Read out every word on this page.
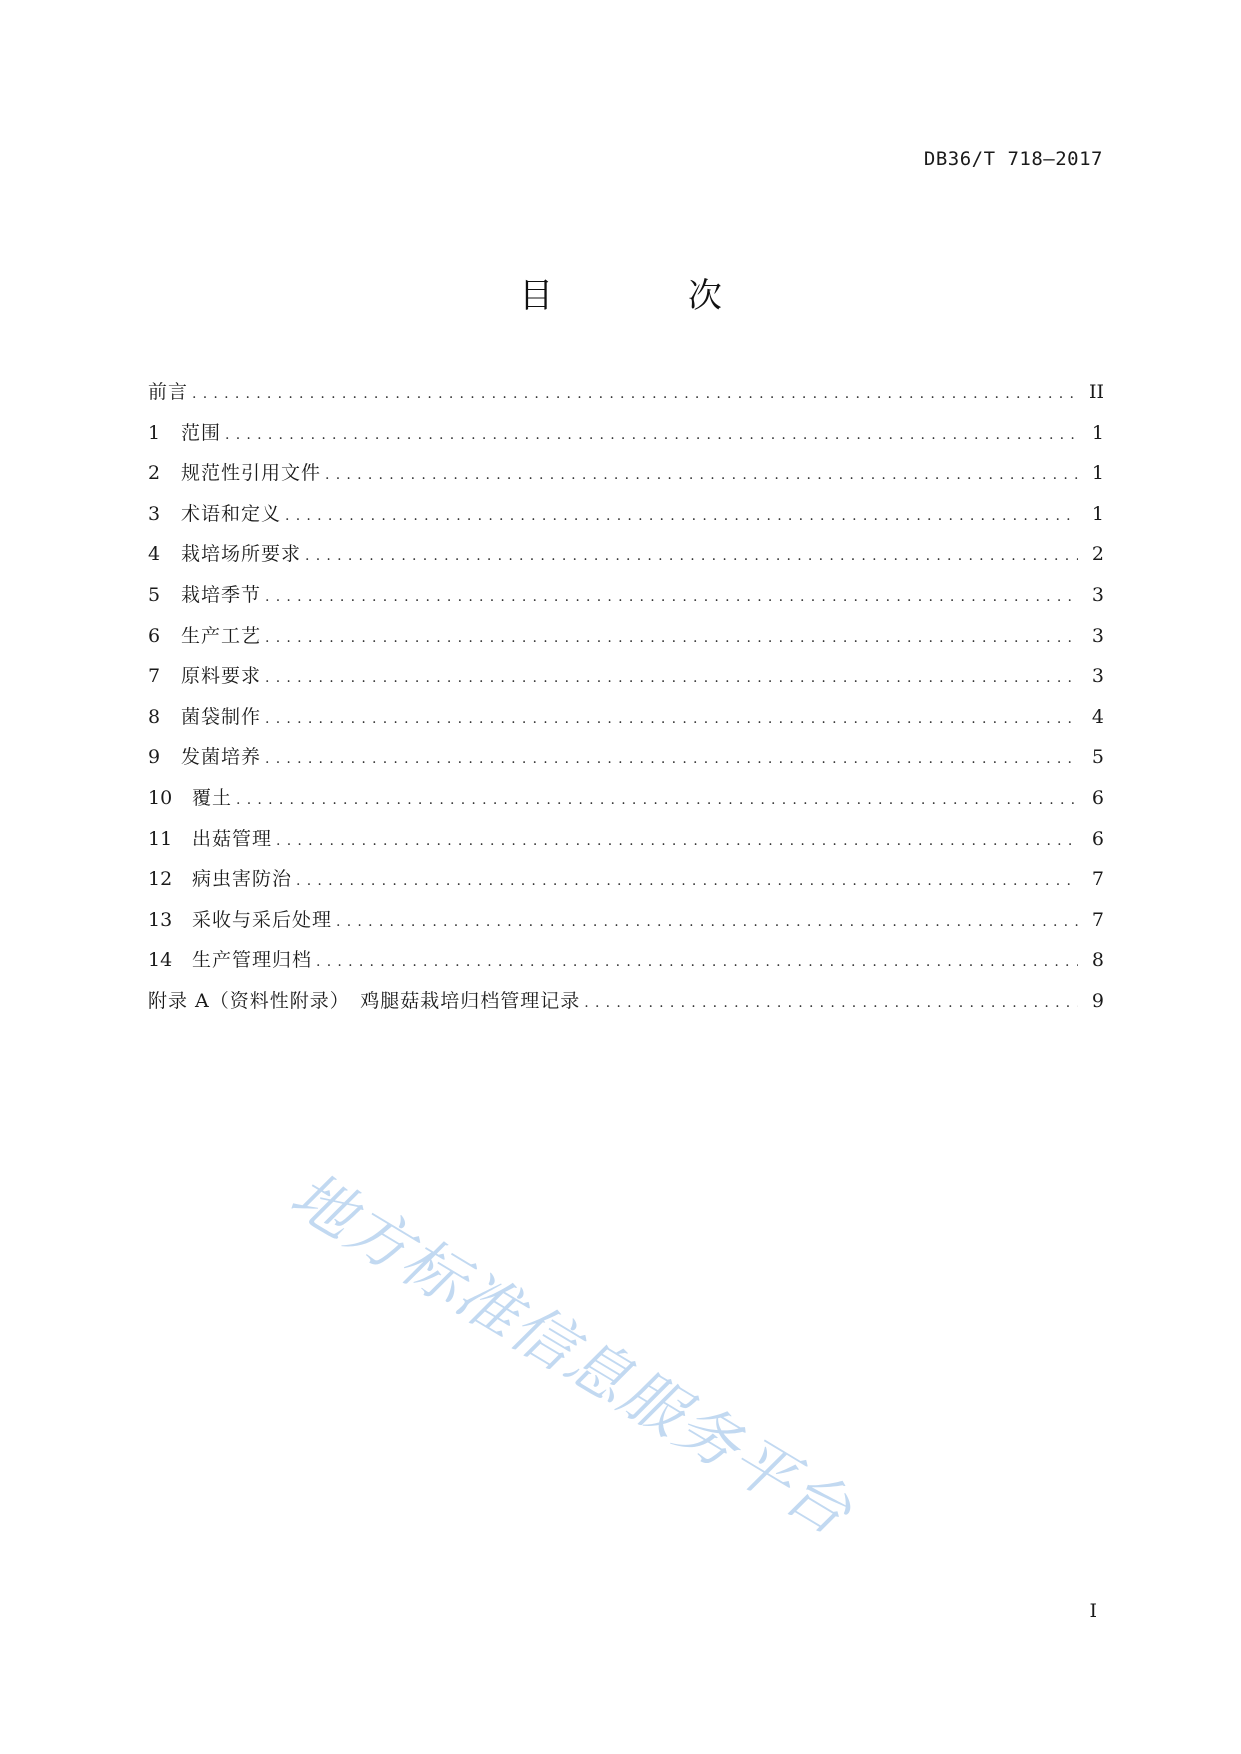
DB36/T 718—2017
目 次
前言 . . .	II
1	范围 . . .	1
2	规范性引用文件 . . .	1
3	术语和定义 . . .	1
4	栽培场所要求 . . .	2
5	栽培季节 . . .	3
6	生产工艺 . . .	3
7	原料要求 . . .	3
8	菌袋制作 . . .	4
9	发菌培养 . . .	5
10	覆土 . . .	6
11	出菇管理 . . .	6
12	病虫害防治 . . .	7
13	采收与采后处理 . . .	7
14	生产管理归档 . . .	8
附录 A（资料性附录）　鸡腿菇栽培归档管理记录 . . .	9
地方标准信息服务平台
I
